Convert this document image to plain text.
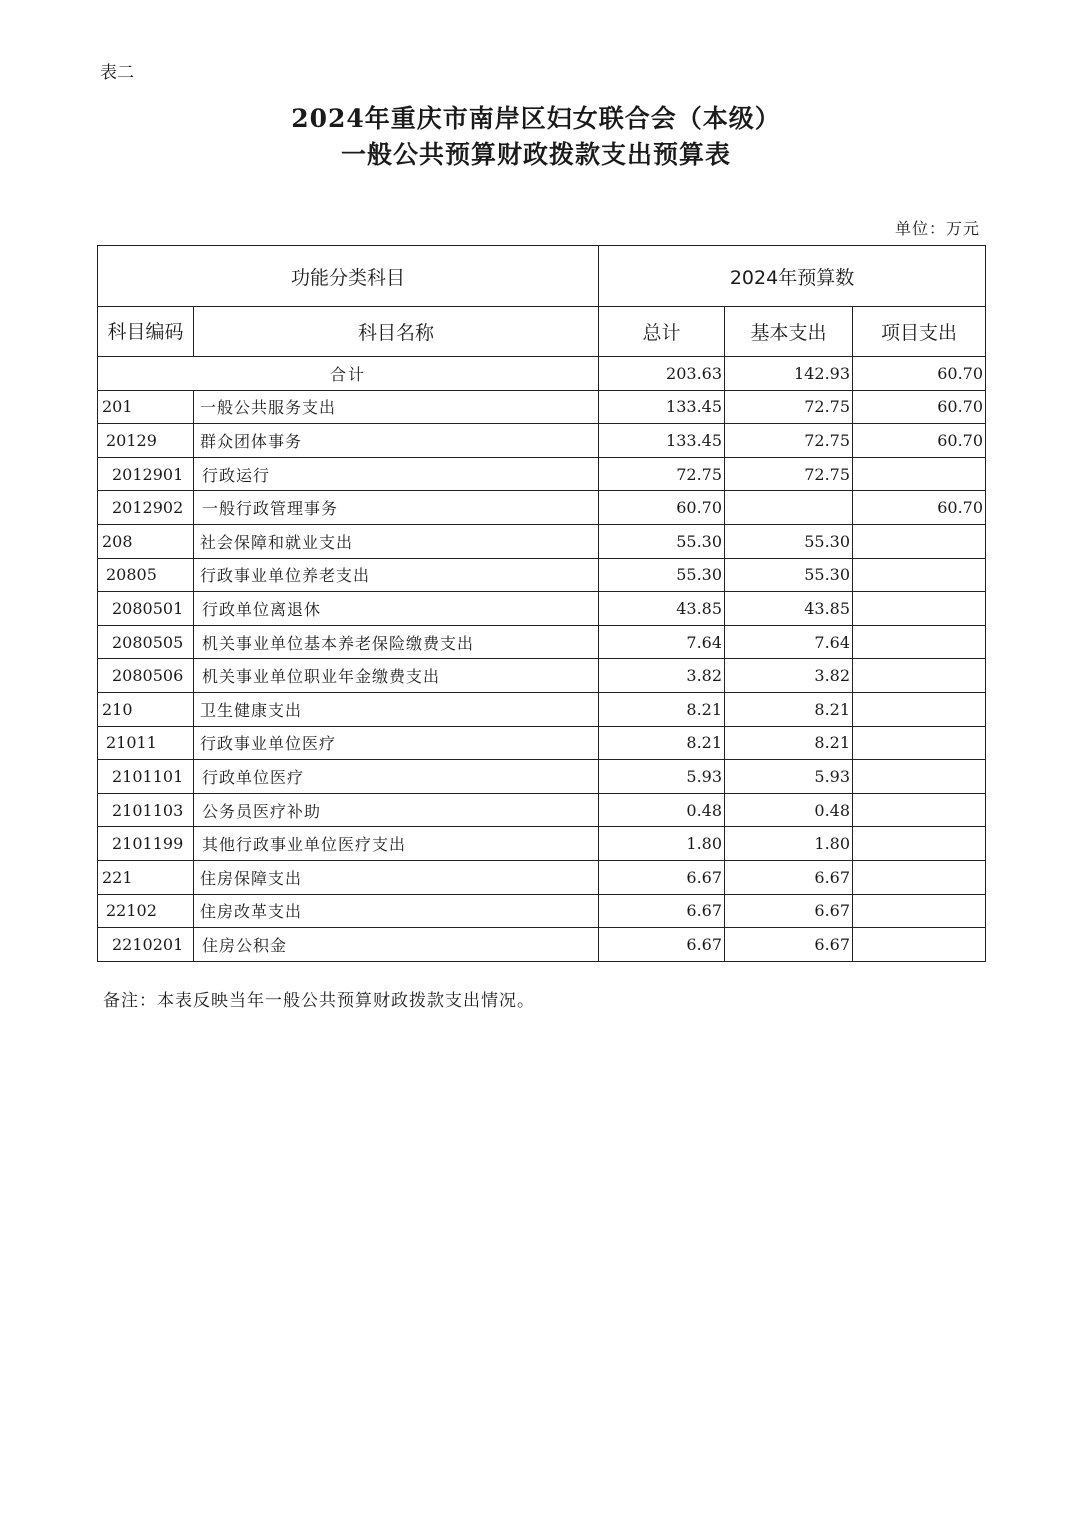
表二
2024年重庆市南岸区妇女联合会（本级）
一般公共预算财政拨款支出预算表
单位：万元
功能分类科目		2024年预算数		
科目编码	科目名称	总计	基本支出	项目支出
合计		203.63	142.93	60.70
201	一般公共服务支出	133.45	72.75	60.70
20129	群众团体事务	133.45	72.75	60.70
2012901	行政运行	72.75	72.75	
2012902	一般行政管理事务	60.70		60.70
208	社会保障和就业支出	55.30	55.30	
20805	行政事业单位养老支出	55.30	55.30	
2080501	行政单位离退休	43.85	43.85	
2080505	机关事业单位基本养老保险缴费支出	7.64	7.64	
2080506	机关事业单位职业年金缴费支出	3.82	3.82	
210	卫生健康支出	8.21	8.21	
21011	行政事业单位医疗	8.21	8.21	
2101101	行政单位医疗	5.93	5.93	
2101103	公务员医疗补助	0.48	0.48	
2101199	其他行政事业单位医疗支出	1.80	1.80	
221	住房保障支出	6.67	6.67	
22102	住房改革支出	6.67	6.67	
2210201	住房公积金	6.67	6.67	
备注：本表反映当年一般公共预算财政拨款支出情况。
